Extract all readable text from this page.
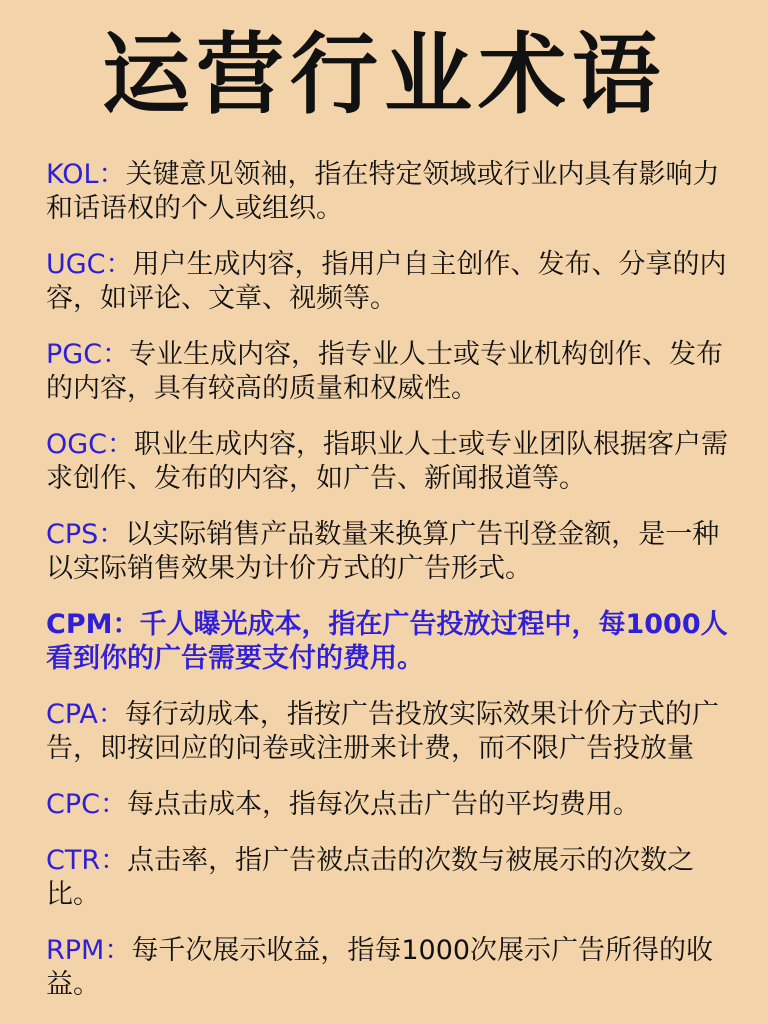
运营行业术语
KOL：关键意见领袖，指在特定领域或行业内具有影响力和话语权的个人或组织。
UGC：用户生成内容，指用户自主创作、发布、分享的内容，如评论、文章、视频等。
PGC：专业生成内容，指专业人士或专业机构创作、发布的内容，具有较高的质量和权威性。
OGC：职业生成内容，指职业人士或专业团队根据客户需求创作、发布的内容，如广告、新闻报道等。
CPS：以实际销售产品数量来换算广告刊登金额，是一种以实际销售效果为计价方式的广告形式。
CPM：千人曝光成本，指在广告投放过程中，每1000人看到你的广告需要支付的费用。
CPA：每行动成本，指按广告投放实际效果计价方式的广告，即按回应的问卷或注册来计费，而不限广告投放量
CPC：每点击成本，指每次点击广告的平均费用。
CTR：点击率，指广告被点击的次数与被展示的次数之比。
RPM：每千次展示收益，指每1000次展示广告所得的收益。
